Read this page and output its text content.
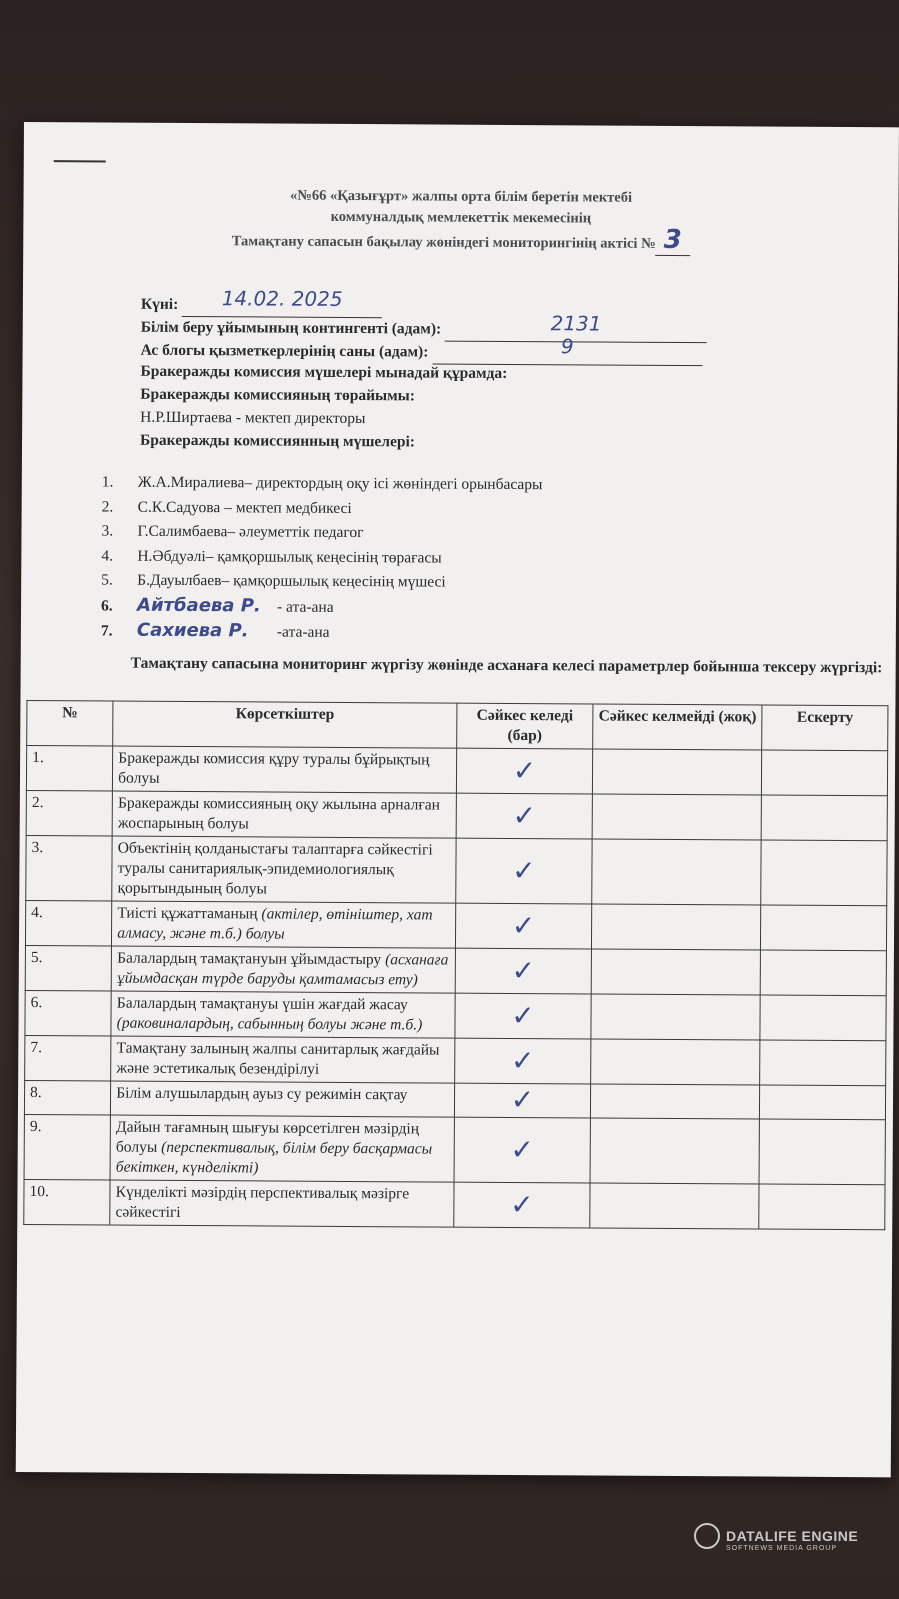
«№66 «Қазығұрт» жалпы орта білім беретін мектебі
коммуналдық мемлекеттік мекемесінің
Тамақтану сапасын бақылау жөніндегі мониторингінің актісі № 3
Күні: 14.02. 2025
Білім беру ұйымының контингенті (адам):	2131
Ас блогы қызметкерлерінің саны (адам):	9
Бракеражды комиссия мүшелері мынадай құрамда:
Бракеражды комиссияның төрайымы:
Н.Р.Ширтаева - мектеп директоры
Бракеражды комиссиянның мүшелері:
1. Ж.А.Миралиева– директордың оқу ісі жөніндегі орынбасары
2. С.К.Садуова – мектеп медбикесі
3. Г.Салимбаева– әлеуметтік педагог
4. Н.Әбдуәлі– қамқоршылық кеңесінің төрағасы
5. Б.Дауылбаев– қамқоршылық кеңесінің мүшесі
6. Айтбаева Р. - ата-ана
7. Сахиева Р. -ата-ана
Тамақтану сапасына мониторинг жүргізу жөнінде асханаға келесі параметрлер бойынша тексеру жүргізді:
№	Көрсеткіштер	Сәйкес келеді (бар)	Сәйкес келмейді (жоқ)	Ескерту
1.	Бракеражды комиссия құру туралы бұйрықтың болуы	✓		
2.	Бракеражды комиссияның оқу жылына арналған жоспарының болуы	✓		
3.	Объектінің қолданыстағы талаптарға сәйкестігі туралы санитариялық-эпидемиологиялық қорытындының болуы	✓		
4.	Тиісті құжаттаманың (актілер, өтініштер, хат алмасу, және т.б.) болуы	✓		
5.	Балалардың тамақтануын ұйымдастыру (асханаға ұйымдасқан түрде баруды қамтамасыз ету)	✓		
6.	Балалардың тамақтануы үшін жағдай жасау (раковиналардың, сабынның болуы және т.б.)	✓		
7.	Тамақтану залының жалпы санитарлық жағдайы және эстетикалық безендірілуі	✓		
8.	Білім алушылардың ауыз су режимін сақтау	✓		
9.	Дайын тағамның шығуы көрсетілген мәзірдің болуы (перспективалық, білім беру басқармасы бекіткен, күнделікті)	✓		
10.	Күнделікті мәзірдің перспективалық мәзірге сәйкестігі	✓		
DATALIFE ENGINE
SOFTNEWS MEDIA GROUP
